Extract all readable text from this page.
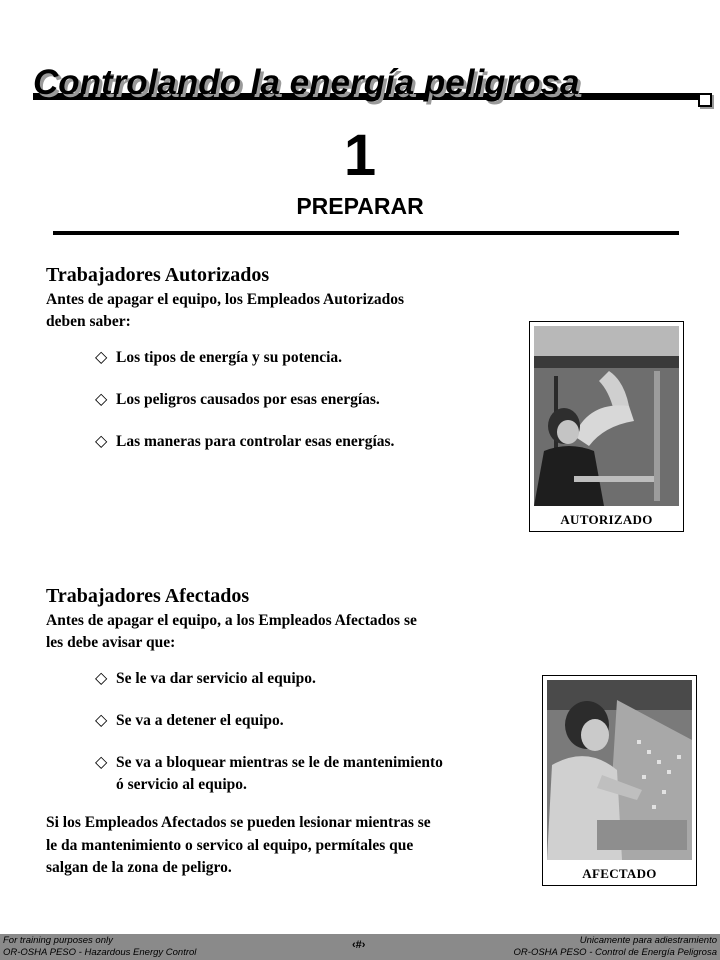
Controlando la energía peligrosa
1
PREPARAR
Trabajadores Autorizados
Antes de apagar el equipo, los Empleados Autorizados
deben saber:
◇ Los tipos de energía y su potencia.
◇ Los peligros causados por esas energías.
◇ Las maneras para controlar esas energías.
AUTORIZADO
Trabajadores Afectados
Antes de apagar el equipo, a los Empleados Afectados se
les debe avisar que:
◇ Se le va dar servicio al equipo.
◇ Se va a detener el equipo.
◇ Se va a bloquear mientras se le de mantenimiento
ó servicio al equipo.
Si los Empleados Afectados se pueden lesionar mientras se
le da mantenimiento o servico al equipo, permítales que
salgan de la zona de peligro.	AFECTADO
For training purposes only
OR-OSHA PESO - Hazardous Energy Control
‹#›	Unicamente para adiestramiento
OR-OSHA PESO - Control de Energía Peligrosa
